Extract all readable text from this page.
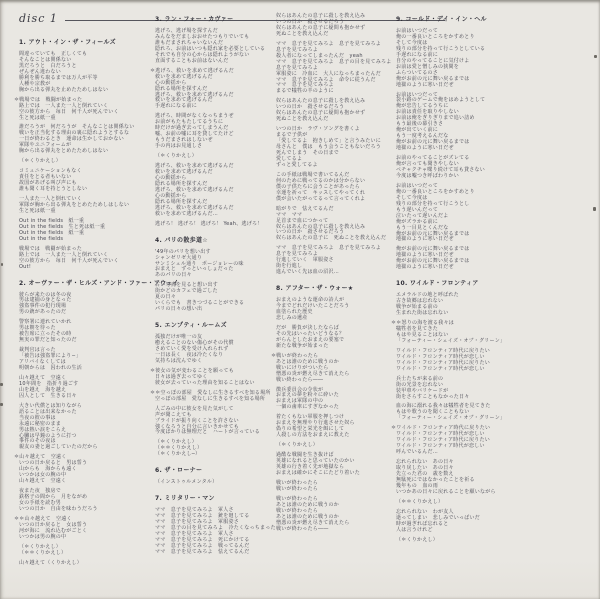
disc 1
1. アウト・イン・ザ・フィールズ
間違っていても　正しくても
そんなことは関係ない
黒だろうと　白だろうと
ぜんぜん違わない
勝利を勝ち取るまでは万人が平等
人種や宗教が
胸から出る弾丸を止めたためしはない
＊戦場では　戦闘が始まった
路上では　一人また一人と倒れていく
空の彼方から　毎日　何千人が死んでいく
生と死は紙一重
誰だろうが　何だろうが　そんなことは関係ない
戦いを正当化する理由の裏に隠れようとするな
一日が終わるとき　運命は生かしておかない
軍隊やユニフォームが
胸から出る弾丸をとめたためしはない
（＊くりかえし）
コミュニケーションもなく
責任をとる者もいない
故国があげる叫び声にも
誰も聞く耳を持とうとしない
一人また一人と倒れていく
軍隊が胸から出る弾丸をとめたためしはしない
生と死は紙一重
Out in the fields　紙一重
Out in the fields　生と死は紙一重
Out in the fields　紙一重
Out in the fields
戦場では　戦闘が始まった
路上では　一人また一人と倒れていく
空の彼方から　毎日　何千人が死んでいく
Out!
2. オーヴァー・ザ・ヒルズ・アンド・ファー・アウェイ
彼らが来たのは冬の夜
男は逮捕の身となった
強盗事件の犯行現場
男の銃があったのだ
警察署に連れていかれ
男は朝を待った
被告席に立ったその時
無実の罪だと知ったのだ
裁判官は言った
「被告は強盗罪により−」
アリバイなくしては
明朝からは　囚われの生活
山々越えて　空遠く
10年間を　指折り過ごす
山を越え　海を越え
囚人として　生きる日々
大きい代償とは知りながら
語ることは出来なかった
当夜の彼の事は
永遠に秘密のまま
男は熱い涙をこらえ
心臓は早鐘のように打つ
事件のその夜は
親友の妻と過ごしていたのだから
＊山々越えて　空遠く
いつの日か戻ると　男は誓う
山からも　海からも遠く
いつかは女の腕の中
山々越えて　空遠く
夜また夜　独房で
鉄格子の間から　月をながめ
女の手紙を読む男
いつの日か　自由を味わうだろう
＊＊山々越えて　空遠く
いつの日か戻ると　女は誓う
河が海に　流れ込むがごとく
いつかは男の腕の中
（＊くりかえし）
（＊＊くりかえし）
山々越えて（くりかえし）
3. ラン・フォー・カヴァー
逃げろ、逃げ場を探すんだ
みんなをだましおおせたつもりでいても
誰もだまされちゃいないんだ
隠れろ、お前はいつも隠れ家を必要としている
それでも自分の心からは隠れようがない
直面することもお前はないんだ
＊逃げろ、救いを求めて逃げるんだ
救いを求めて逃げるんだ
心の動揺から
隠れる場所を探すんだ
逃げろ、救いを求めて逃げるんだ
救いを求めて逃げるんだ
手遅れになる前に
逃げろ、時間がなくなっちまうぜ
お前がもたもたしてるうちに
時だけが過ぎ去ってしまうんだ
嘘、お前の嘘に耳を貸してたけど
もうだまされはしないぜ
手の内はお見通しさ
（＊くりかえし）
逃げろ、救いを求めて逃げるんだ
救いを求めて逃げるんだ
心の動揺から
隠れる場所を探すんだ
逃げろ、救いを求めて逃げるんだ
心の動揺から
隠れる場所を探すんだ
逃げろ、救いを求めて逃げるんだ
救いを求めて逃げるんだ…
逃げろ！ 逃げろ！ 逃げろ！ Yeah、逃げろ！
4. パリの散歩道☆
'49年のパリを想い出す
シャンゼリゼ大通り
サンミシェル通り　ボージョレーの味
おまえと　ずっといっしょだった
あのパリの日々
古い写真を見ると想い出す
街かどのカフェで過ごした
夏の日々
いくらでも　書きつづることができる
パリの日々の想い出
5. エンプティ・ルームズ
孤独だけが唯一の友
癒えることのない傷心がその代償
さめていく愛を受け入れられず
一日は長く　夜は冷たくなり
気持ちは沈んでゆく
＊彼女の気が変わることを願っても
日々は過ぎ去ってゆく
彼女が去っていった理由を知ることはない
＊＊空っぽの部屋　愛なしに生きるすべを知る場所
空っぽの部屋　愛なしに生きるすべを知る場所
人ごみの中に彼女を見た気がして
声が聞こえても
プライドが振り向くことを許さない
強くなろうと自分に言いきかせても
今度ばかりは無理だと　ハートが言っている
（＊くりかえし）
（＊＊くりかえし）
（＊くりかえし─）
6. ザ・ローナー
（インストゥルメンタル）
7. ミリタリー・マン
ママ　息子を見てみろよ　軍人さ
ママ　息子を見てみろよ　銃を廻してる
ママ　息子を見てみろよ　軍服姿さ
ママ　息子の目を見てみろよ　冷たくなっちまった
ママ　息子を見てみろよ　軍人さ
ママ　息子を見てみろよ　死にかけてる
ママ　息子を見てみろよ　戦ってるんだ
ママ　息子を見てみろよ　怯えてるんだ
奴らはあんたの息子に殺しを教え込み
いつの日か　殺させるだろう
奴らはあんたの息子に疑問も抱かせず
死ぬことを教え込んだ
ママ　息子を見てみろよ　息子を見てみろよ
息子を見てみろよ
殺人者になってしまったんだ　yeah
ママ　息子を見てみろよ　息子の目を見てみろよ
息子を見てみろよ
軍服姿に　冷血に　大人になっちまったんだ
ママ　息子を見てみろよ　命令に従うんだ
ママ　息子を見てみろよ
まるで犠牲の羊のように
奴らはあんたの息子に殺しを教え込み
いつの日か　殺させるだろう
奴らはあんたの息子に疑問も抱かせず
死ぬことを教え込んだ
いつの日か　ラヴ・ソングを書くよ
まるで子供が
「愛してるよ　抱きしめて」と言うみたいに
母さんと　僕は　もう会うこともないだろう
死んでしまう　その日まで
愛してるよ
ずっと愛してるよ
この手紙は戦場で書いてるんだ
何のために戦ってるのかは分からない
僕の子供たちに会うことがあったら
幸運を祈って　キッスしてやってくれ
僕が会いたがってるって言ってくれよ
暗がりで　怯えてるんだ
ママ　ママ
足首まで血につかって
奴らはあんたの息子に殺しを教え込み
いつの日か　殺させるだろう
奴らはあんたの息子に　死ぬことを教え込んだ
ママ　息子を見てみろよ　息子を見てみろよ
息子を見てみろよ
行進していく　軍服姿さ
街を行進し
進んでいく先は血の沼沢…
8. アフター・ザ・ウォー★
おまえのような運命の詩人が
今までどれだけいたことだろう
血塗られた歴史
悲しみの遺産
だが　勝負が決したならば
その先はいったいどうなる？
がらんとしたおまえの要塞で
新たな戦争が始まった
＊戦いが終わったら
あとは誰のために戦うのか
戦いにけりがついたら
憎悪の炎が燃え尽きて消えたら
戦い終わったら――
徴兵委員会の令状が
おまえの夢を粉々に砕いた
おまえは軍隊の中の
一個の歯車にすぎなかった
着たくもない軍服を押しつけ
おまえを無理やり行進させた奴ら
偽りの希望と栄光を餌にして
人殺しの方法をおまえに教えた
（＊くりかえし）
過酷な戦闘を生き抜けば
英雄になれると思っていたのかい
英雄の行き着く先が地獄なら
おまえは確かにそこにたどり着いた
戦いが終わったら
戦いが終わったら
戦いが終わったら
あとは誰のために戦うのか
戦いが終わったら
あとは誰のために戦うのか
憎悪の炎が燃え尽きて消えたら
戦いが終わったら――
9. コールド・デイ・イン・ヘル
お前はいつだって
俺の一番良いところをかすめとり
そして今度は
残りの部分を持って行こうとしている
手遅れになる前に
自分のやってることに気付けよ
お前は愛と憎しみの狭間を
ふらついてるのさ
俺がお前の元に舞い戻るまでは
地獄のように寒い日だぜ
お前はいつだって
袋小路のゲームで俺をはめようとして
俺が忠告してるうちに
お前は責任を取りやしない
お前は俺をぎりぎりまで追い詰め
もう最後の幕引きさ
俺が出ていく前に
もう一度考えるんだな
俺がお前の元に舞い戻るまでは
地獄のように寒い日だぜ
お前のやってることがズレてる
俺が言っても聞きやしない
ペチャクチャ喋り続けて耳も貸さない
今度は嘘つき呼ばわりかい
お前はいつだって
俺の一番良いところをかすめとり
そして今度は
残りの部分を持って行こうとし
もう遅いんだって
泣いたって遅いんだよ
俺がズラかる前に
もう一目見とくんだな
俺がお前の元に舞い戻るまでは
地獄のように寒い日だぜ
俺がお前の元に舞い戻るまでは
地獄のように寒い日だぜ
俺がお前の元に舞い戻るまでは
地獄のように寒い日だぜ
10. ワイルド・フロンティア
エメラルドの地と呼ばれた
古き故郷は忘れない
戦争が始まる前の
生まれた街は忘れない
＊＊怒りの海を渡る我々は
犠牲者を見てきた
もはや見ることはない
「フォーティー・シェイズ・オブ・グリーン」
ワイルド・フロンティア時代に戻りたい
ワイルド・フロンティア時代が恋しい
ワイルド・フロンティア時代に戻りたい
ワイルド・フロンティア時代が恋しい
兵士たちが来る前の
街の光景を忘れない
装甲車やバリケードが
街をさらすこともなかった日々
血の海に溺れる我々は犠牲者を見てきた
もはや歌うのを聞くこともない
「フォーティー・シェイズ・オブ・グリーン」
＊ワイルド・フロンティア時代に戻りたい
ワイルド・フロンティア時代が恋しい
ワイルド・フロンティア時代に戻りたい
ワイルド・フロンティア時代が恋しい
呼んでいるんだ…
忘れられない　あの日々
取り戻したい　あの日々
先立った君の　歳を数え
無駄死にではなかったことを祈る
幾年もの　血の雨
いつかあの日々に戻れることを願いながら
（＊＊くりかえし）
忘れられない　わが友人
逝ってしまい　悲しみでいっぱいだ
時が過ぎれば忘れると
人は言うけれど
（＊くりかえし）
